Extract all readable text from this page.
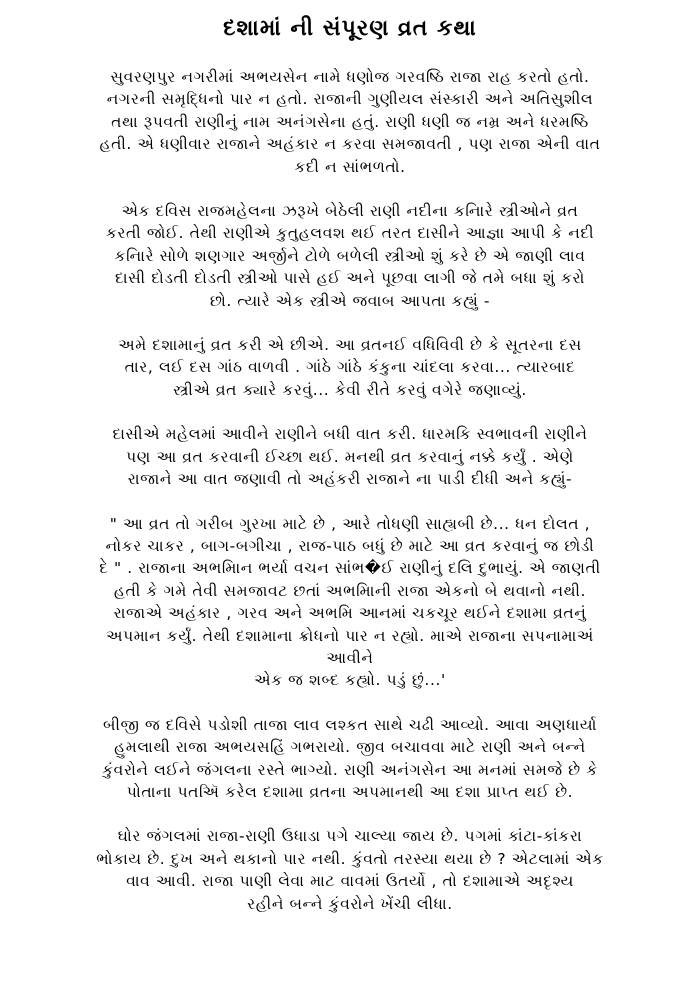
દશામાં ની સંપૂરણ વ્રત કથા
સુવરણપુર નગરીમાં અભયસેન નામે ધણોજ ગરવષ્ઠિ રાજા રાહ કરતો હતો.
નગરની સમૃદ્ધિનો પાર ન હતો. રાજાની ગુણીયલ સંસ્કારી અને અતિસુશીલ
તથા રૂપવતી રાણીનું નામ અનંગસેના હતું. રાણી ધણી જ નમ્ર અને ધરમષ્ઠિ
હતી. એ ધણીવાર રાજાને અહંકાર ન કરવા સમજાવતી , પણ રાજા એની વાત
કદી ન સાંભળતો.
એક દવિસ રાજમહેલના ઝરૂખે બેઠેલી રાણી નદીના કનિારે સ્ત્રીઓને વ્રત
કરતી જોઈ. તેથી રાણીએ કુતુહલવશ થઈ તરત દાસીને આજ્ઞા આપી કે નદી
કનિારે સોળે શણગાર અર્જીને ટોળે બળેલી સ્ત્રીઓ શું કરે છે એ જાણી લાવ
દાસી દોડતી દોડતી સ્ત્રીઓ પાસે હઈ અને પૂછવા લાગી જે તમે બધા શું કરો
છો. ત્યારે એક સ્ત્રીએ જવાબ આપતા કહ્યું -
અમે દશામાનું વ્રત કરી એ છીએ. આ વ્રતનઈ વધિવિવી છે કે સૂતરના દસ
તાર, લઈ દસ ગાંઠ વાળવી . ગાંઠે ગાંઠે કંકુના ચાંદલા કરવા... ત્યારબાદ
સ્ત્રીએ વ્રત ક્યારે કરવું... કેવી રીતે કરવું વગેરે જણાવ્યું.
દાસીએ મહેલમાં આવીને રાણીને બધી વાત કરી. ધારમકિ સ્વભાવની રાણીને
પણ આ વ્રત કરવાની ઈચ્છા થઈ. મનથી વ્રત કરવાનું નક્કે કર્યું . એણે
રાજાને આ વાત જણાવી તો અહંકરી રાજાને ના પાડી દીધી અને કહ્યું-
" આ વ્રત તો ગરીબ ગુરખા માટે છે , આરે તોધણી સાહ્યબી છે... ધન દોલત ,
નોકર ચાકર , બાગ-બગીચા , રાજ-પાઠ બધું છે માટે આ વ્રત કરવાનું જ છોડી
દે " . રાજાના અભમિાન ભર્યા વચન સાંભ�ઈ રાણીનું દલિ દુભાયું. એ જાણતી
હતી કે ગમે તેવી સમજાવટ છતાં અભમિાની રાજા એકનો બે થવાનો નથી.
રાજાએ અહંકાર , ગરવ અને અભમિ આનમાં ચકચૂર થઈને દશામા વ્રતનું
અપમાન કર્યું. તેથી દશામાના ક્રોધનો પાર ન રહ્યો. માએ રાજાના સપનામાઅં
આવીને
એક જ શબ્દ કહ્યો. પડું છું...'
બીજી જ દવિસે પડોશી તાજા લાવ લશ્કત સાથે ચઢી આવ્યો. આવા અણધાર્યા
હુમલાથી રાજા અભયસહિં ગભરાયો. જીવ બચાવવા માટે રાણી અને બન્ને
કુંવરોને લઈને જંગલના રસ્તે ભાગ્યો. રાણી અનંગસેન આ મનમાં સમજે છે કે
પોતાના પતઍિ કરેલ દશામા વ્રતના અપમાનથી આ દશા પ્રાપ્ત થઈ છે.
ઘોર જંગલમાં રાજા-રાણી ઉધાડા પગે ચાલ્યા જાય છે. પગમાં કાંટા-કાંકરા
ભોકાય છે. દુખ અને થકાનો પાર નથી. કુંવતો તરસ્યા થયા છે ? એટલામાં એક
વાવ આવી. રાજા પાણી લેવા માટ વાવમાં ઉતર્યો , તો દશામાએ અદૃશ્ય
રહીને બન્ને કુંવરોને ખેંચી લીધા.
